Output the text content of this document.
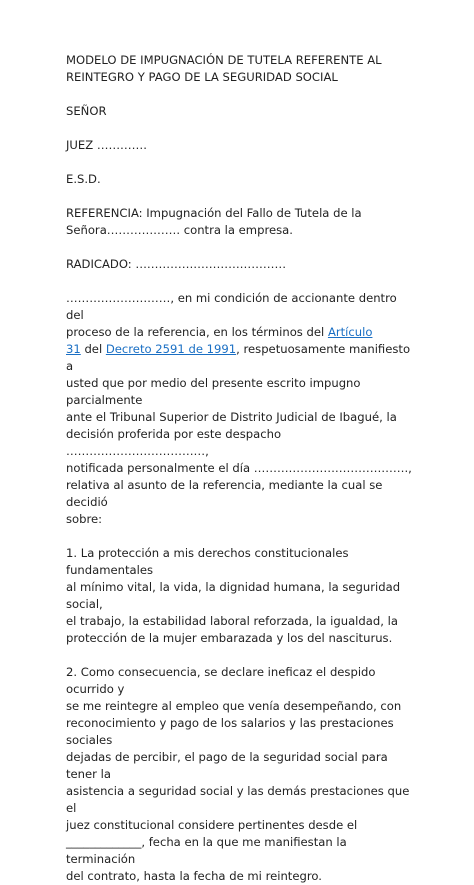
MODELO DE IMPUGNACIÓN DE TUTELA REFERENTE AL

REINTEGRO Y PAGO DE LA SEGURIDAD SOCIAL

SEÑOR

JUEZ ………….

E.S.D.

REFERENCIA: Impugnación del Fallo de Tutela de la

Señora………………. contra la empresa.

RADICADO: …………………………………

………………………, en mi condición de accionante dentro del

proceso de la referencia, en los términos del Artículo

31 del Decreto 2591 de 1991, respetuosamente manifiesto a

usted que por medio del presente escrito impugno parcialmente

ante el Tribunal Superior de Distrito Judicial de Ibagué, la

decisión proferida por este despacho ………………………………,

notificada personalmente el día ………………………………….,

relativa al asunto de la referencia, mediante la cual se decidió

sobre:

1. La protección a mis derechos constitucionales fundamentales

al mínimo vital, la vida, la dignidad humana, la seguridad social,

el trabajo, la estabilidad laboral reforzada, la igualdad, la

protección de la mujer embarazada y los del nasciturus.

2. Como consecuencia, se declare ineficaz el despido ocurrido y

se me reintegre al empleo que venía desempeñando, con

reconocimiento y pago de los salarios y las prestaciones sociales

dejadas de percibir, el pago de la seguridad social para tener la

asistencia a seguridad social y las demás prestaciones que el

juez constitucional considere pertinentes desde el

_____________, fecha en la que me manifiestan la terminación

del contrato, hasta la fecha de mi reintegro.
